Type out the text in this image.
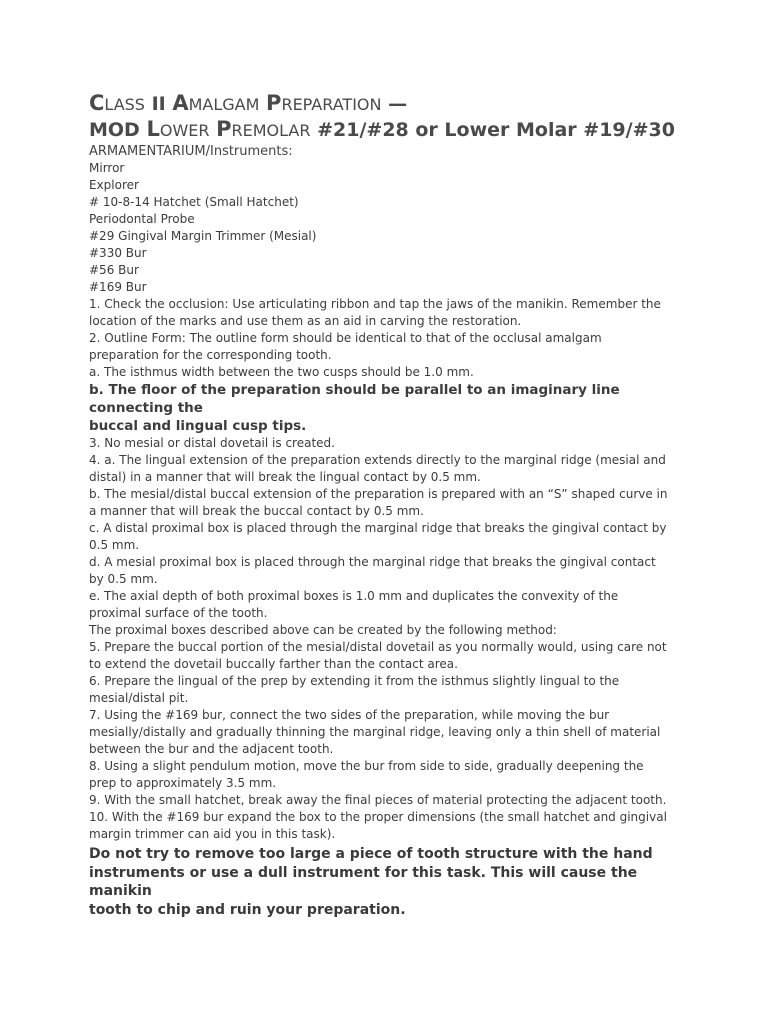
CLASS II AMALGAM PREPARATION —
MOD LOWER PREMOLAR #21/#28 or Lower Molar #19/#30

ARMAMENTARIUM/Instruments:

Mirror

Explorer

# 10-8-14 Hatchet (Small Hatchet)

Periodontal Probe

#29 Gingival Margin Trimmer (Mesial)

#330 Bur

#56 Bur

#169 Bur

1. Check the occlusion: Use articulating ribbon and tap the jaws of the manikin. Remember the

location of the marks and use them as an aid in carving the restoration.

2. Outline Form: The outline form should be identical to that of the occlusal amalgam

preparation for the corresponding tooth.

a. The isthmus width between the two cusps should be 1.0 mm.

b. The floor of the preparation should be parallel to an imaginary line connecting the

buccal and lingual cusp tips.

3. No mesial or distal dovetail is created.

4. a. The lingual extension of the preparation extends directly to the marginal ridge (mesial and

distal) in a manner that will break the lingual contact by 0.5 mm.

b. The mesial/distal buccal extension of the preparation is prepared with an “S” shaped curve in

a manner that will break the buccal contact by 0.5 mm.

c. A distal proximal box is placed through the marginal ridge that breaks the gingival contact by

0.5 mm.

d. A mesial proximal box is placed through the marginal ridge that breaks the gingival contact

by 0.5 mm.

e. The axial depth of both proximal boxes is 1.0 mm and duplicates the convexity of the

proximal surface of the tooth.

The proximal boxes described above can be created by the following method:

5. Prepare the buccal portion of the mesial/distal dovetail as you normally would, using care not

to extend the dovetail buccally farther than the contact area.

6. Prepare the lingual of the prep by extending it from the isthmus slightly lingual to the

mesial/distal pit.

7. Using the #169 bur, connect the two sides of the preparation, while moving the bur

mesially/distally and gradually thinning the marginal ridge, leaving only a thin shell of material

between the bur and the adjacent tooth.

8. Using a slight pendulum motion, move the bur from side to side, gradually deepening the

prep to approximately 3.5 mm.

9. With the small hatchet, break away the final pieces of material protecting the adjacent tooth.

10. With the #169 bur expand the box to the proper dimensions (the small hatchet and gingival

margin trimmer can aid you in this task).

Do not try to remove too large a piece of tooth structure with the hand

instruments or use a dull instrument for this task. This will cause the manikin

tooth to chip and ruin your preparation.
